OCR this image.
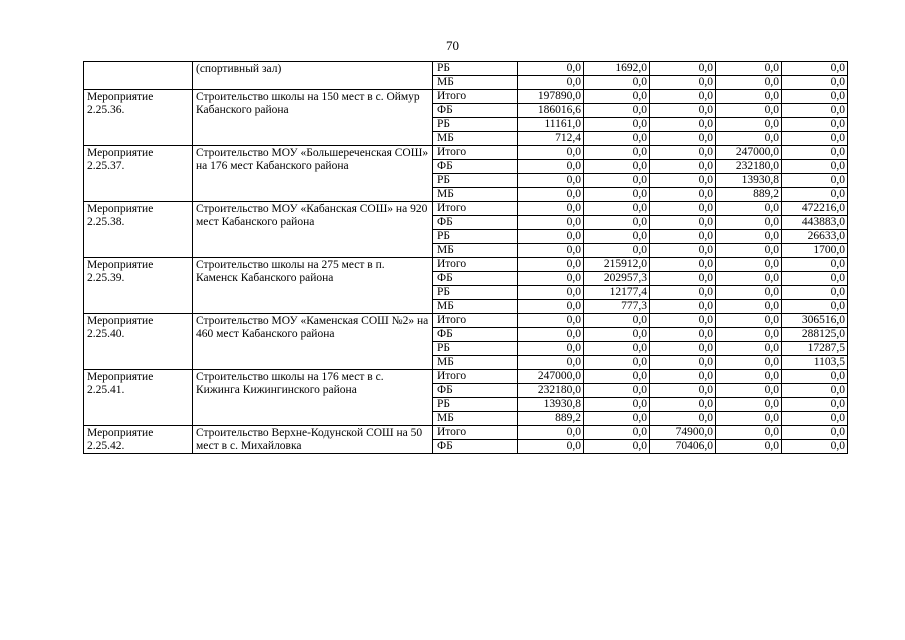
70
	(спортивный зал)	РБ	0,0	1692,0	0,0	0,0	0,0
		МБ	0,0	0,0	0,0	0,0	0,0
Мероприятие 2.25.36.	Строительство школы на 150 мест в с. Оймур Кабанского района	Итого	197890,0	0,0	0,0	0,0	0,0
		ФБ	186016,6	0,0	0,0	0,0	0,0
		РБ	11161,0	0,0	0,0	0,0	0,0
		МБ	712,4	0,0	0,0	0,0	0,0
Мероприятие 2.25.37.	Строительство МОУ «Большереченская СОШ» на 176 мест Кабанского района	Итого	0,0	0,0	0,0	247000,0	0,0
		ФБ	0,0	0,0	0,0	232180,0	0,0
		РБ	0,0	0,0	0,0	13930,8	0,0
		МБ	0,0	0,0	0,0	889,2	0,0
Мероприятие 2.25.38.	Строительство МОУ «Кабанская СОШ» на 920 мест Кабанского района	Итого	0,0	0,0	0,0	0,0	472216,0
		ФБ	0,0	0,0	0,0	0,0	443883,0
		РБ	0,0	0,0	0,0	0,0	26633,0
		МБ	0,0	0,0	0,0	0,0	1700,0
Мероприятие 2.25.39.	Строительство школы на 275 мест в п. Каменск Кабанского района	Итого	0,0	215912,0	0,0	0,0	0,0
		ФБ	0,0	202957,3	0,0	0,0	0,0
		РБ	0,0	12177,4	0,0	0,0	0,0
		МБ	0,0	777,3	0,0	0,0	0,0
Мероприятие 2.25.40.	Строительство МОУ «Каменская СОШ №2» на 460 мест Кабанского района	Итого	0,0	0,0	0,0	0,0	306516,0
		ФБ	0,0	0,0	0,0	0,0	288125,0
		РБ	0,0	0,0	0,0	0,0	17287,5
		МБ	0,0	0,0	0,0	0,0	1103,5
Мероприятие 2.25.41.	Строительство школы на 176 мест в с. Кижинга Кижингинского района	Итого	247000,0	0,0	0,0	0,0	0,0
		ФБ	232180,0	0,0	0,0	0,0	0,0
		РБ	13930,8	0,0	0,0	0,0	0,0
		МБ	889,2	0,0	0,0	0,0	0,0
Мероприятие 2.25.42.	Строительство Верхне-Кодунской СОШ на 50 мест в с. Михайловка	Итого	0,0	0,0	74900,0	0,0	0,0
		ФБ	0,0	0,0	70406,0	0,0	0,0
